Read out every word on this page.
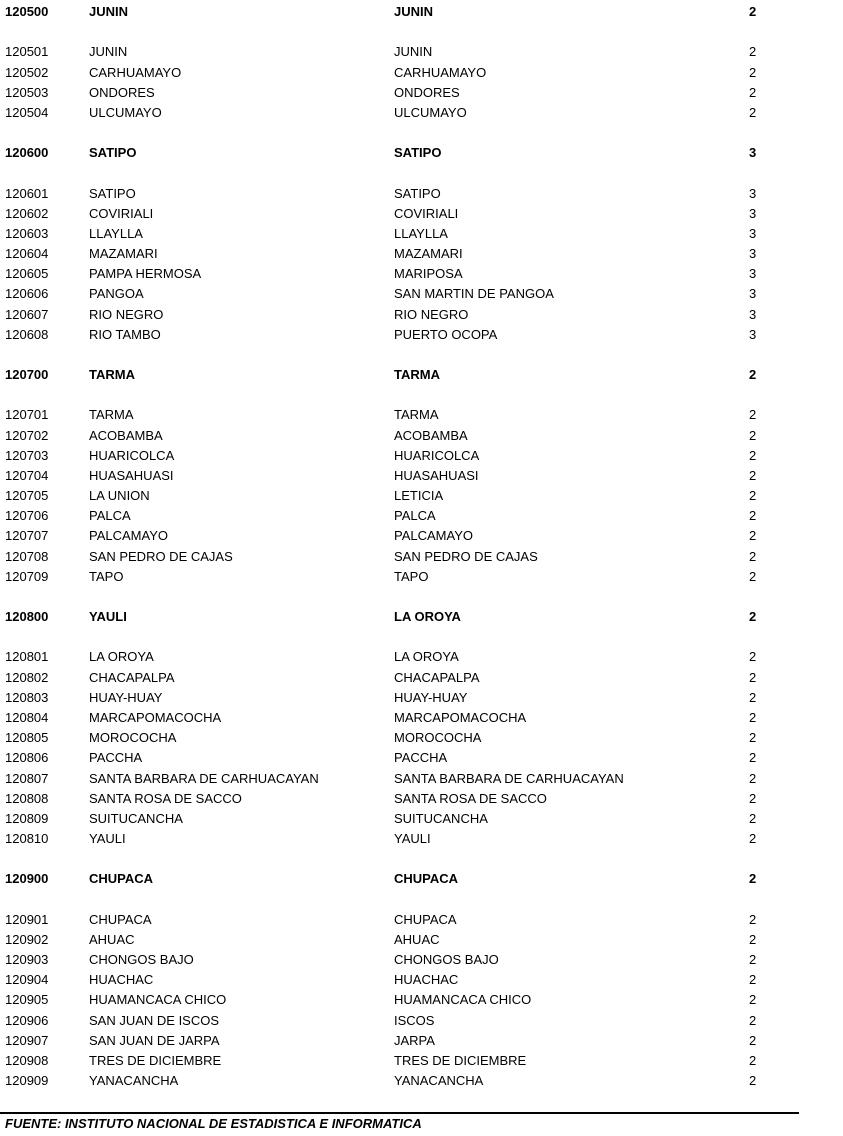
120500	JUNIN	JUNIN	2
120501	JUNIN	JUNIN	2
120502	CARHUAMAYO	CARHUAMAYO	2
120503	ONDORES	ONDORES	2
120504	ULCUMAYO	ULCUMAYO	2
120600	SATIPO	SATIPO	3
120601	SATIPO	SATIPO	3
120602	COVIRIALI	COVIRIALI	3
120603	LLAYLLA	LLAYLLA	3
120604	MAZAMARI	MAZAMARI	3
120605	PAMPA HERMOSA	MARIPOSA	3
120606	PANGOA	SAN MARTIN DE PANGOA	3
120607	RIO NEGRO	RIO NEGRO	3
120608	RIO TAMBO	PUERTO OCOPA	3
120700	TARMA	TARMA	2
120701	TARMA	TARMA	2
120702	ACOBAMBA	ACOBAMBA	2
120703	HUARICOLCA	HUARICOLCA	2
120704	HUASAHUASI	HUASAHUASI	2
120705	LA UNION	LETICIA	2
120706	PALCA	PALCA	2
120707	PALCAMAYO	PALCAMAYO	2
120708	SAN PEDRO DE CAJAS	SAN PEDRO DE CAJAS	2
120709	TAPO	TAPO	2
120800	YAULI	LA OROYA	2
120801	LA OROYA	LA OROYA	2
120802	CHACAPALPA	CHACAPALPA	2
120803	HUAY-HUAY	HUAY-HUAY	2
120804	MARCAPOMACOCHA	MARCAPOMACOCHA	2
120805	MOROCOCHA	MOROCOCHA	2
120806	PACCHA	PACCHA	2
120807	SANTA BARBARA DE CARHUACAYAN	SANTA BARBARA DE CARHUACAYAN	2
120808	SANTA ROSA DE SACCO	SANTA ROSA DE SACCO	2
120809	SUITUCANCHA	SUITUCANCHA	2
120810	YAULI	YAULI	2
120900	CHUPACA	CHUPACA	2
120901	CHUPACA	CHUPACA	2
120902	AHUAC	AHUAC	2
120903	CHONGOS BAJO	CHONGOS BAJO	2
120904	HUACHAC	HUACHAC	2
120905	HUAMANCACA CHICO	HUAMANCACA CHICO	2
120906	SAN JUAN DE ISCOS	ISCOS	2
120907	SAN JUAN DE JARPA	JARPA	2
120908	TRES DE DICIEMBRE	TRES DE DICIEMBRE	2
120909	YANACANCHA	YANACANCHA	2
FUENTE: INSTITUTO NACIONAL DE ESTADISTICA E INFORMATICA
